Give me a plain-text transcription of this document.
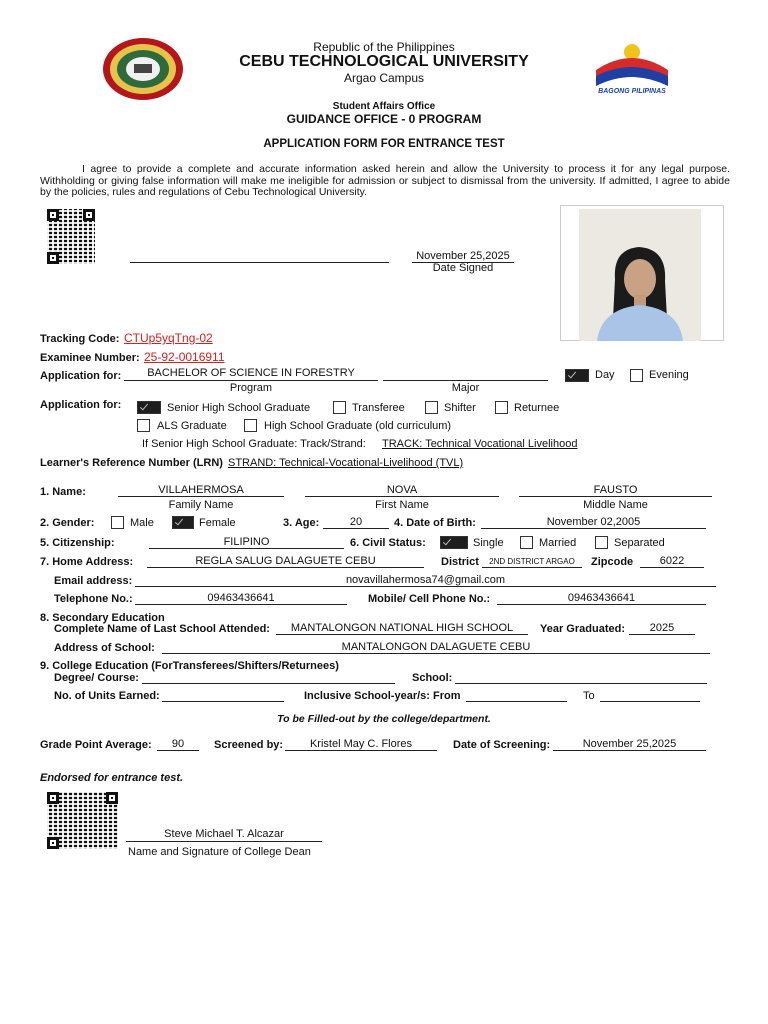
BAGONG PILIPINAS
Republic of the Philippines
CEBU TECHNOLOGICAL UNIVERSITY
Argao Campus
Student Affairs Office
GUIDANCE OFFICE - 0 PROGRAM
APPLICATION FORM FOR ENTRANCE TEST
I agree to provide a complete and accurate information asked herein and allow the University to process it for any legal purpose. Withholding or giving false information will make me ineligible for admission or subject to dismissal from the university. If admitted, I agree to abide by the policies, rules and regulations of Cebu Technological University.
November 25,2025
Date Signed
Tracking Code: CTUp5yqTng-02
Examinee Number: 25-92-0016911
Application for:	BACHELOR OF SCIENCE IN FORESTRY
Program	Major
Day	Evening
Application for:	Senior High School Graduate	Transferee	Shifter	Returnee
ALS Graduate	High School Graduate (old curriculum)
If Senior High School Graduate: Track/Strand: TRACK: Technical Vocational Livelihood
Learner's Reference Number (LRN) STRAND: Technical-Vocational-Livelihood (TVL)
1. Name:	VILLAHERMOSA
Family Name
NOVA
First Name
FAUSTO
Middle Name
2. Gender:	Male	Female	3. Age:	20	4. Date of Birth:	November 02,2005
5. Citizenship:	FILIPINO	6. Civil Status:	Single	Married	Separated
7. Home Address:	REGLA SALUG DALAGUETE CEBU	District	2ND DISTRICT ARGAO	Zipcode	6022
Email address:	novavillahermosa74@gmail.com
Telephone No.:	09463436641	Mobile/ Cell Phone No.:	09463436641
8. Secondary Education
Complete Name of Last School Attended:	MANTALONGON NATIONAL HIGH SCHOOL	Year Graduated:	2025
Address of School:	MANTALONGON DALAGUETE CEBU
9. College Education (ForTransferees/Shifters/Returnees)
Degree/ Course:	School:
No. of Units Earned:	Inclusive School-year/s: From	To
To be Filled-out by the college/department.
Grade Point Average:	90	Screened by:	Kristel May C. Flores	Date of Screening:	November 25,2025
Endorsed for entrance test.
Steve Michael T. Alcazar
Name and Signature of College Dean
